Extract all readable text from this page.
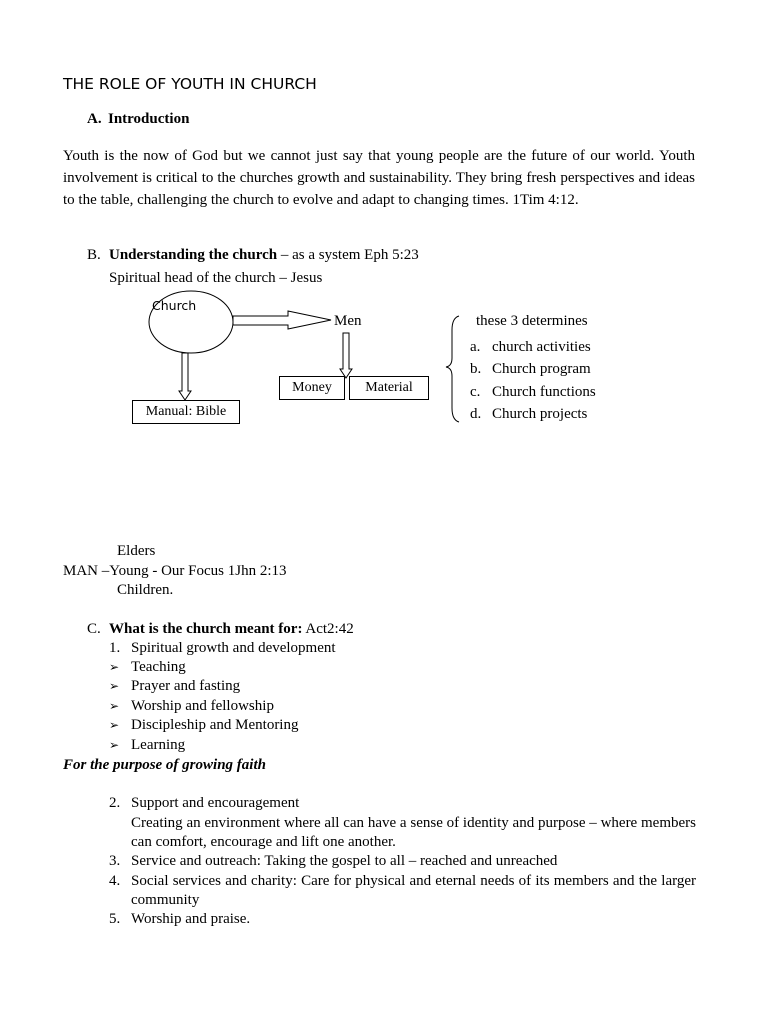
THE ROLE OF YOUTH IN CHURCH
A. Introduction
Youth is the now of God but we cannot just say that young people are the future of our world. Youth involvement is critical to the churches growth and sustainability. They bring fresh perspectives and ideas to the table, challenging the church to evolve and adapt to changing times. 1Tim 4:12.
B. Understanding the church – as a system Eph 5:23
Spiritual head of the church – Jesus
Church
Men
Money	Material
Manual: Bible
these 3 determines
a. church activities
b. Church program
c. Church functions
d. Church projects
Elders
MAN –Young - Our Focus 1Jhn 2:13
Children.
C. What is the church meant for: Act2:42
1. Spiritual growth and development
➢ Teaching
➢ Prayer and fasting
➢ Worship and fellowship
➢ Discipleship and Mentoring
➢ Learning
For the purpose of growing faith
2. Support and encouragement
Creating an environment where all can have a sense of identity and purpose – where members can comfort, encourage and lift one another.
3. Service and outreach: Taking the gospel to all – reached and unreached
4. Social services and charity: Care for physical and eternal needs of its members and the larger community
5. Worship and praise.
